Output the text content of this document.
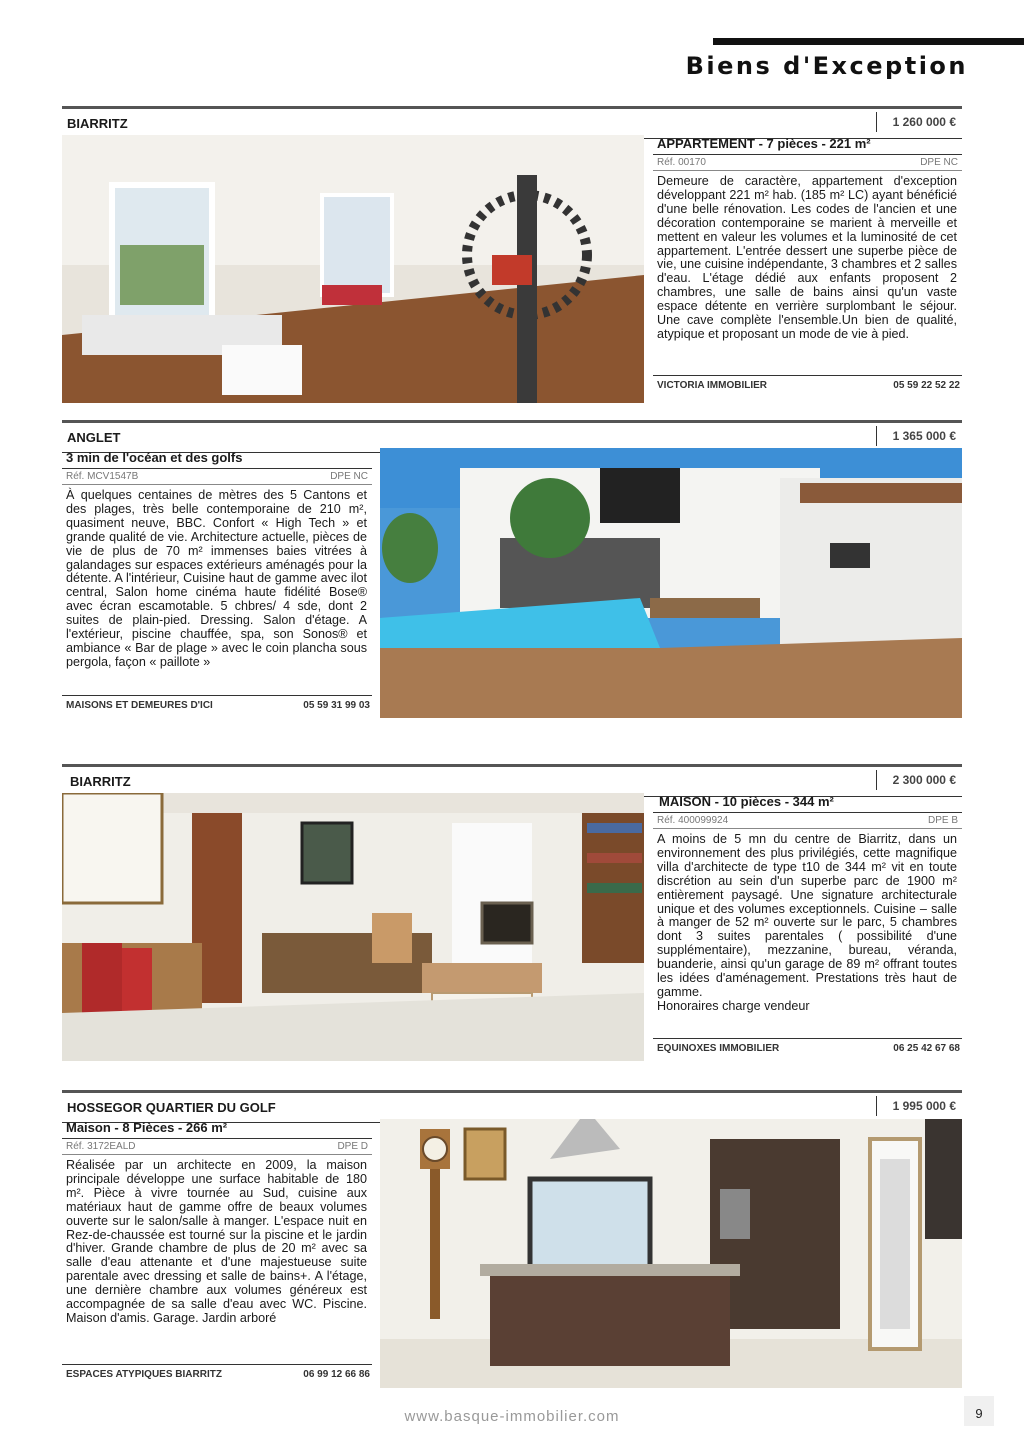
Biens d'Exception
BIARRITZ	1 260 000 €
APPARTEMENT - 7 pièces - 221 m²
Réf. 00170	DPE NC

Demeure de caractère, appartement d'exception développant 221 m² hab. (185 m² LC) ayant bénéficié d'une belle rénovation. Les codes de l'ancien et une décoration contemporaine se marient à merveille et mettent en valeur les volumes et la luminosité de cet appartement. L'entrée dessert une superbe pièce de vie, une cuisine indépendante, 3 chambres et 2 salles d'eau. L'étage dédié aux enfants proposent 2 chambres, une salle de bains ainsi qu'un vaste espace détente en verrière surplombant le séjour. Une cave complète l'ensemble.Un bien de qualité, atypique et proposant un mode de vie à pied.

VICTORIA IMMOBILIER	05 59 22 52 22
ANGLET	1 365 000 €
3 min de l'océan et des golfs
Réf. MCV1547B	DPE NC

À quelques centaines de mètres des 5 Cantons et des plages, très belle contemporaine de 210 m², quasiment neuve, BBC. Confort « High Tech » et grande qualité de vie. Architecture actuelle, pièces de vie de plus de 70 m² immenses baies vitrées à galandages sur espaces extérieurs aménagés pour la détente. A l'intérieur, Cuisine haut de gamme avec ilot central, Salon home cinéma haute fidélité Bose® avec écran escamotable. 5 chbres/ 4 sde, dont 2 suites de plain-pied. Dressing. Salon d'étage. A l'extérieur, piscine chauffée, spa, son Sonos® et ambiance « Bar de plage » avec le coin plancha sous pergola, façon « paillote »

MAISONS ET DEMEURES D'ICI	05 59 31 99 03
BIARRITZ	2 300 000 €
MAISON - 10 pièces - 344 m²
Réf. 400099924	DPE B

A moins de 5 mn du centre de Biarritz, dans un environnement des plus privilégiés, cette magnifique villa d'architecte de type t10 de 344 m² vit en toute discrétion au sein d'un superbe parc de 1900 m² entièrement paysagé. Une signature architecturale unique et des volumes exceptionnels. Cuisine – salle à manger de 52 m² ouverte sur le parc, 5 chambres dont 3 suites parentales ( possibilité d'une supplémentaire), mezzanine, bureau, véranda, buanderie, ainsi qu'un garage de 89 m² offrant toutes les idées d'aménagement. Prestations très haut de gamme.

Honoraires charge vendeur

EQUINOXES IMMOBILIER	06 25 42 67 68
HOSSEGOR QUARTIER DU GOLF	1 995 000 €
Maison - 8 Pièces - 266 m²
Réf. 3172EALD	DPE D

Réalisée par un architecte en 2009, la maison principale développe une surface habitable de 180 m². Pièce à vivre tournée au Sud, cuisine aux matériaux haut de gamme offre de beaux volumes ouverte sur le salon/salle à manger. L'espace nuit en Rez-de-chaussée est tourné sur la piscine et le jardin d'hiver. Grande chambre de plus de 20 m² avec sa salle d'eau attenante et d'une majestueuse suite parentale avec dressing et salle de bains+. A l'étage, une dernière chambre aux volumes généreux est accompagnée de sa salle d'eau avec WC. Piscine. Maison d'amis. Garage. Jardin arboré

ESPACES ATYPIQUES BIARRITZ	06 99 12 66 86
www.basque-immobilier.com	9
